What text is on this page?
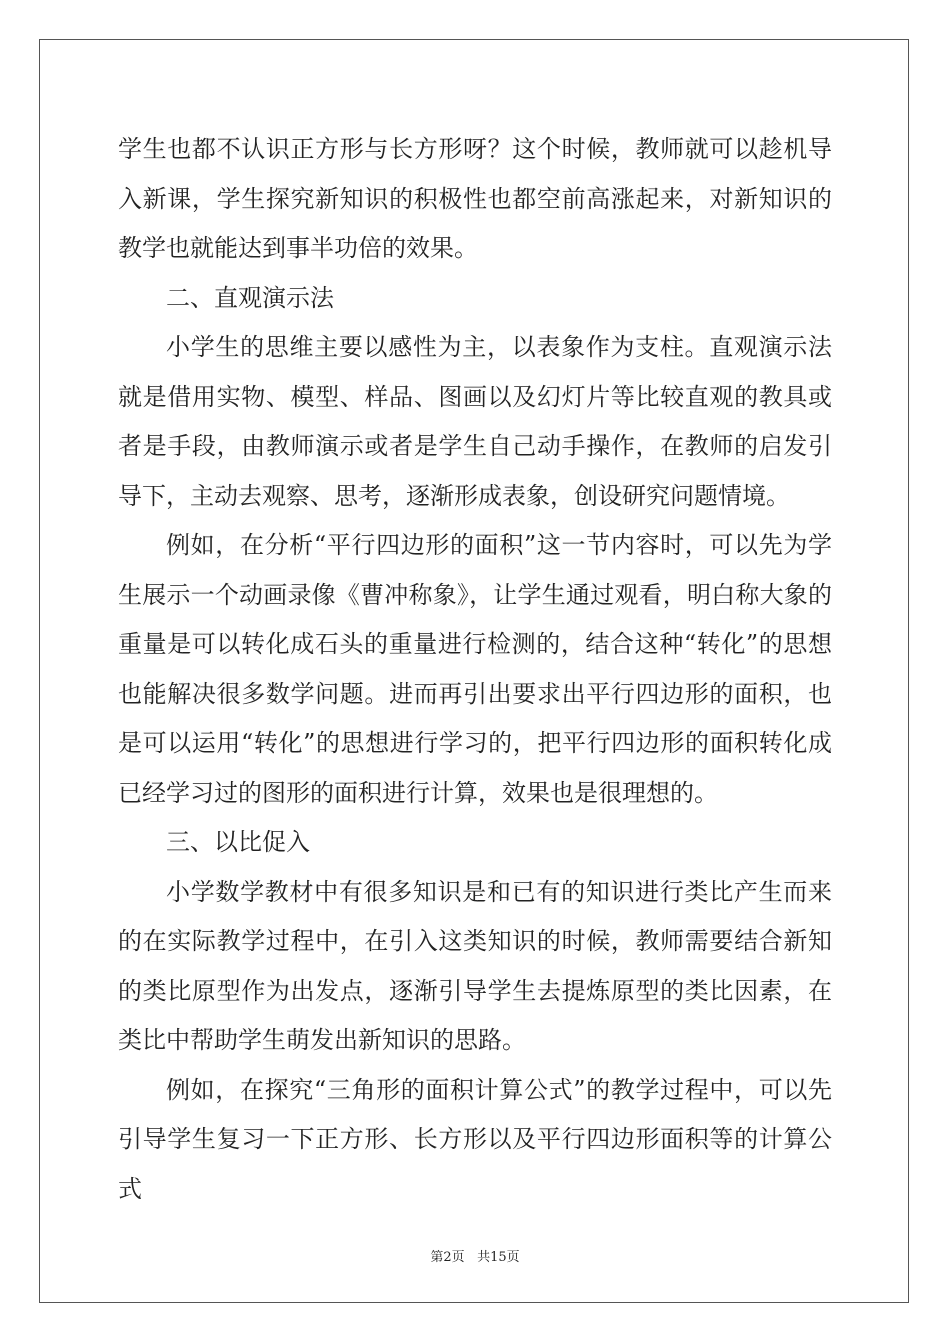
学生也都不认识正方形与长方形呀？这个时候，教师就可以趁机导入新课，学生探究新知识的积极性也都空前高涨起来，对新知识的教学也就能达到事半功倍的效果。

二、直观演示法

小学生的思维主要以感性为主，以表象作为支柱。直观演示法就是借用实物、模型、样品、图画以及幻灯片等比较直观的教具或者是手段，由教师演示或者是学生自己动手操作，在教师的启发引导下，主动去观察、思考，逐渐形成表象，创设研究问题情境。

例如，在分析“平行四边形的面积”这一节内容时，可以先为学生展示一个动画录像《曹冲称象》，让学生通过观看，明白称大象的重量是可以转化成石头的重量进行检测的，结合这种“转化”的思想也能解决很多数学问题。进而再引出要求出平行四边形的面积，也是可以运用“转化”的思想进行学习的，把平行四边形的面积转化成已经学习过的图形的面积进行计算，效果也是很理想的。

三、以比促入

小学数学教材中有很多知识是和已有的知识进行类比产生而来的在实际教学过程中，在引入这类知识的时候，教师需要结合新知的类比原型作为出发点，逐渐引导学生去提炼原型的类比因素，在类比中帮助学生萌发出新知识的思路。

例如，在探究“三角形的面积计算公式”的教学过程中，可以先引导学生复习一下正方形、长方形以及平行四边形面积等的计算公式

第2页 共15页
